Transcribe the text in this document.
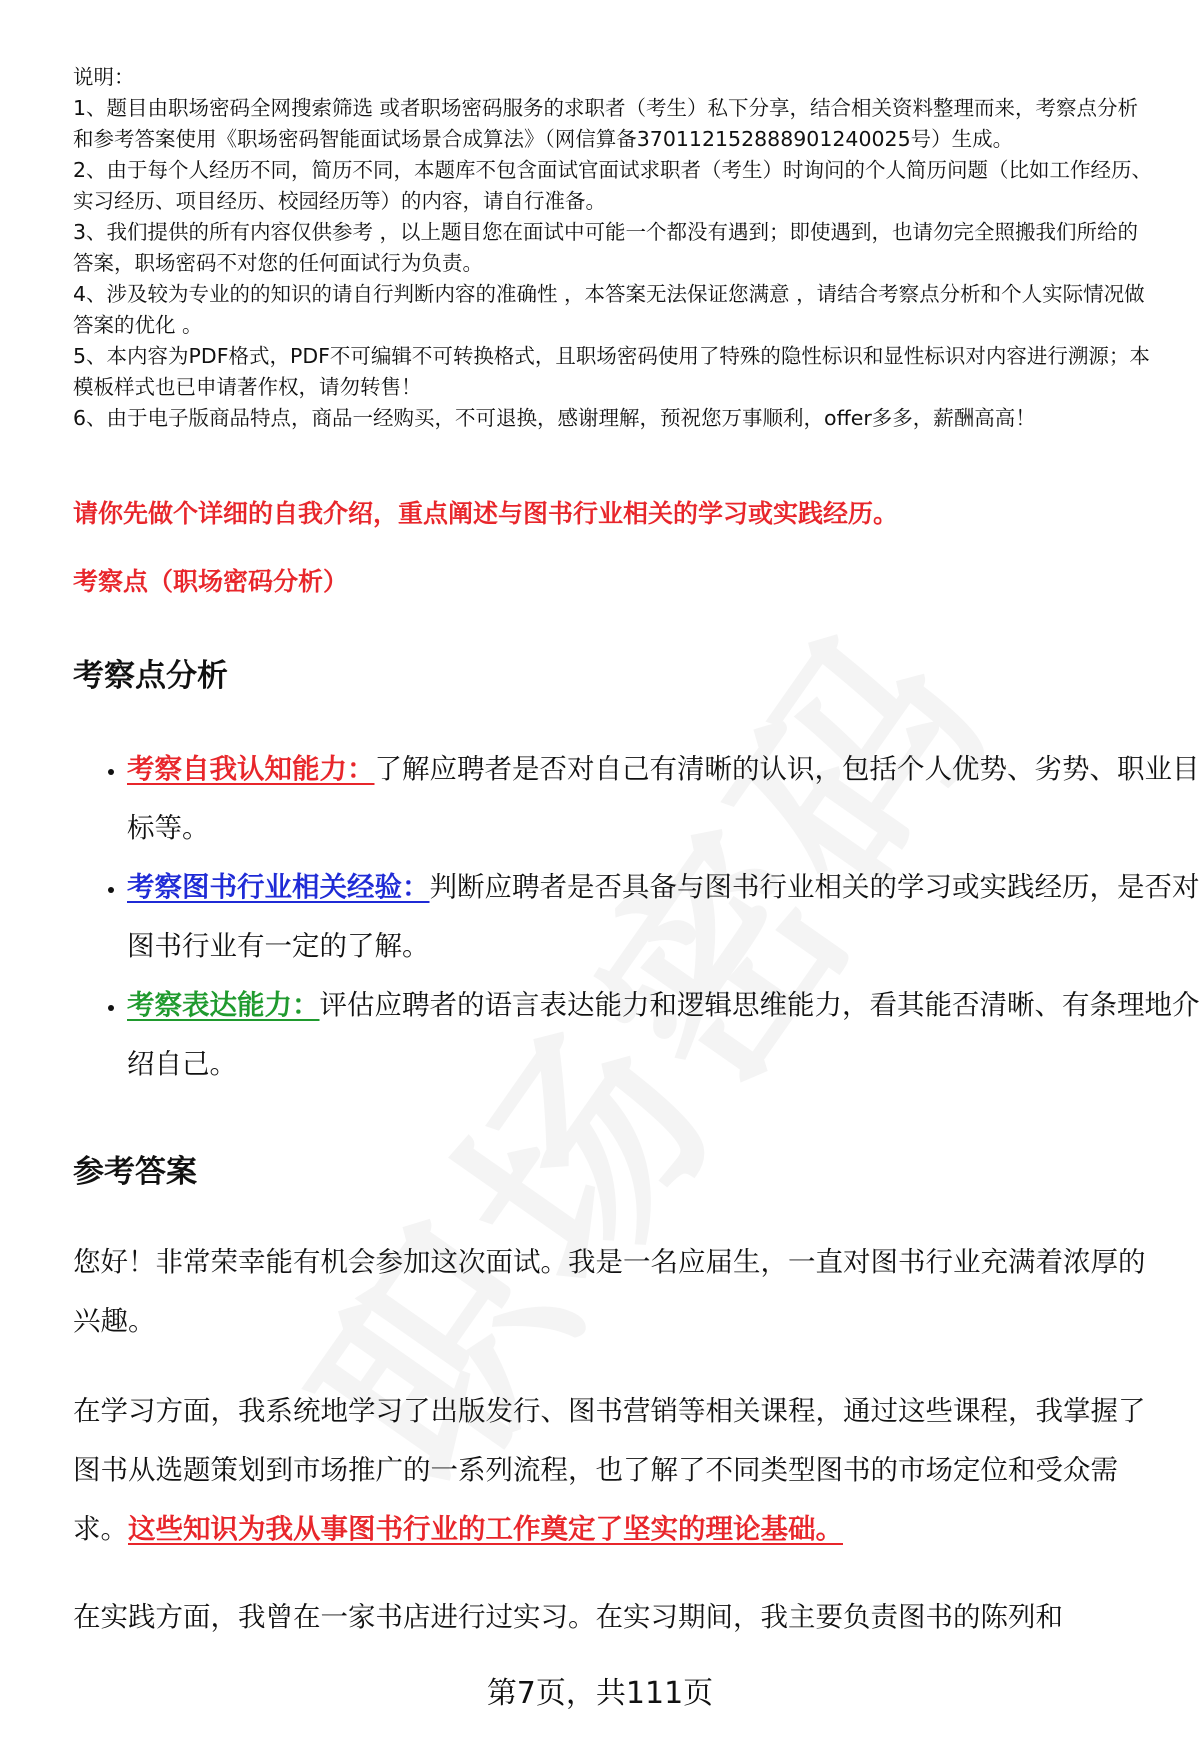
说明：

1、题目由职场密码全网搜索筛选 或者职场密码服务的求职者（考生）私下分享，结合相关资料整理而来，考察点分析和参考答案使用《职场密码智能面试场景合成算法》（网信算备370112152888901240025号）生成。

2、由于每个人经历不同，简历不同，本题库不包含面试官面试求职者（考生）时询问的个人简历问题（比如工作经历、实习经历、项目经历、校园经历等）的内容，请自行准备。

3、我们提供的所有内容仅供参考 ，以上题目您在面试中可能一个都没有遇到；即使遇到，也请勿完全照搬我们所给的答案，职场密码不对您的任何面试行为负责。

4、涉及较为专业的的知识的请自行判断内容的准确性 ，本答案无法保证您满意 ，请结合考察点分析和个人实际情况做答案的优化 。

5、本内容为PDF格式，PDF不可编辑不可转换格式，且职场密码使用了特殊的隐性标识和显性标识对内容进行溯源；本模板样式也已申请著作权，请勿转售！

6、由于电子版商品特点，商品一经购买，不可退换，感谢理解，预祝您万事顺利，offer多多，薪酬高高！

请你先做个详细的自我介绍，重点阐述与图书行业相关的学习或实践经历。
考察点（职场密码分析）
考察点分析
• 考察自我认知能力：了解应聘者是否对自己有清晰的认识，包括个人优势、劣势、职业目标等。
• 考察图书行业相关经验：判断应聘者是否具备与图书行业相关的学习或实践经历，是否对图书行业有一定的了解。
• 考察表达能力：评估应聘者的语言表达能力和逻辑思维能力，看其能否清晰、有条理地介绍自己。
参考答案

您好！非常荣幸能有机会参加这次面试。我是一名应届生，一直对图书行业充满着浓厚的兴趣。

在学习方面，我系统地学习了出版发行、图书营销等相关课程，通过这些课程，我掌握了图书从选题策划到市场推广的一系列流程，也了解了不同类型图书的市场定位和受众需求。这些知识为我从事图书行业的工作奠定了坚实的理论基础。

在实践方面，我曾在一家书店进行过实习。在实习期间，我主要负责图书的陈列和

第7页，共111页
